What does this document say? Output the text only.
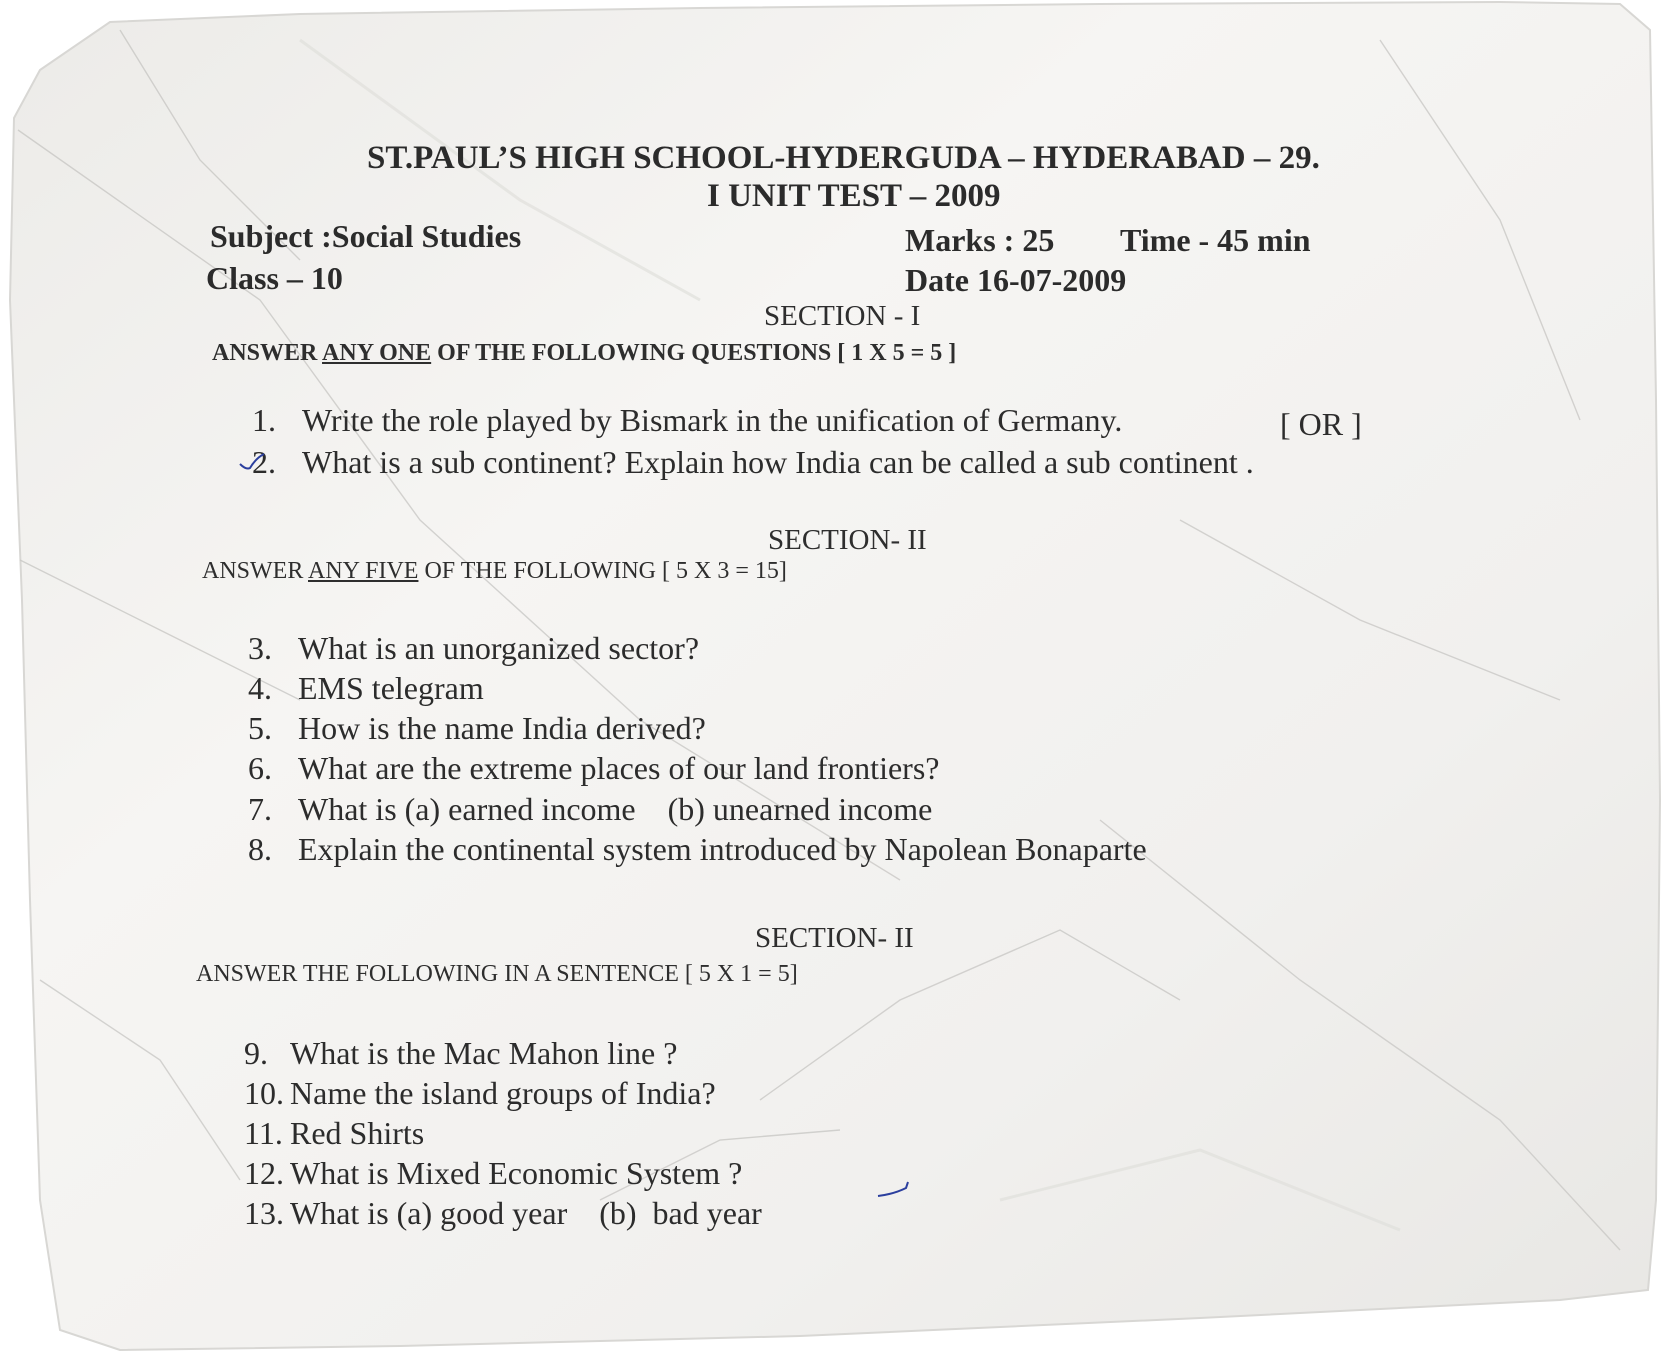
ST.PAUL’S HIGH SCHOOL-HYDERGUDA – HYDERABAD – 29.
I UNIT TEST – 2009
Subject :Social Studies	Marks : 25 Time - 45 min
Class – 10	Date 16-07-2009
SECTION - I
ANSWER ANY ONE OF THE FOLLOWING QUESTIONS [ 1 X 5 = 5 ]
1. Write the role played by Bismark in the unification of Germany.	[ OR ]
2. What is a sub continent? Explain how India can be called a sub continent .
SECTION- II
ANSWER ANY FIVE OF THE FOLLOWING [ 5 X 3 = 15]
3. What is an unorganized sector?
4. EMS telegram
5. How is the name India derived?
6. What are the extreme places of our land frontiers?
7. What is (a) earned income    (b) unearned income
8. Explain the continental system introduced by Napolean Bonaparte
SECTION- II
ANSWER THE FOLLOWING IN A SENTENCE [ 5 X 1 = 5]
9. What is the Mac Mahon line ?
10. Name the island groups of India?
11. Red Shirts
12. What is Mixed Economic System ?
13. What is (a) good year    (b)  bad year
